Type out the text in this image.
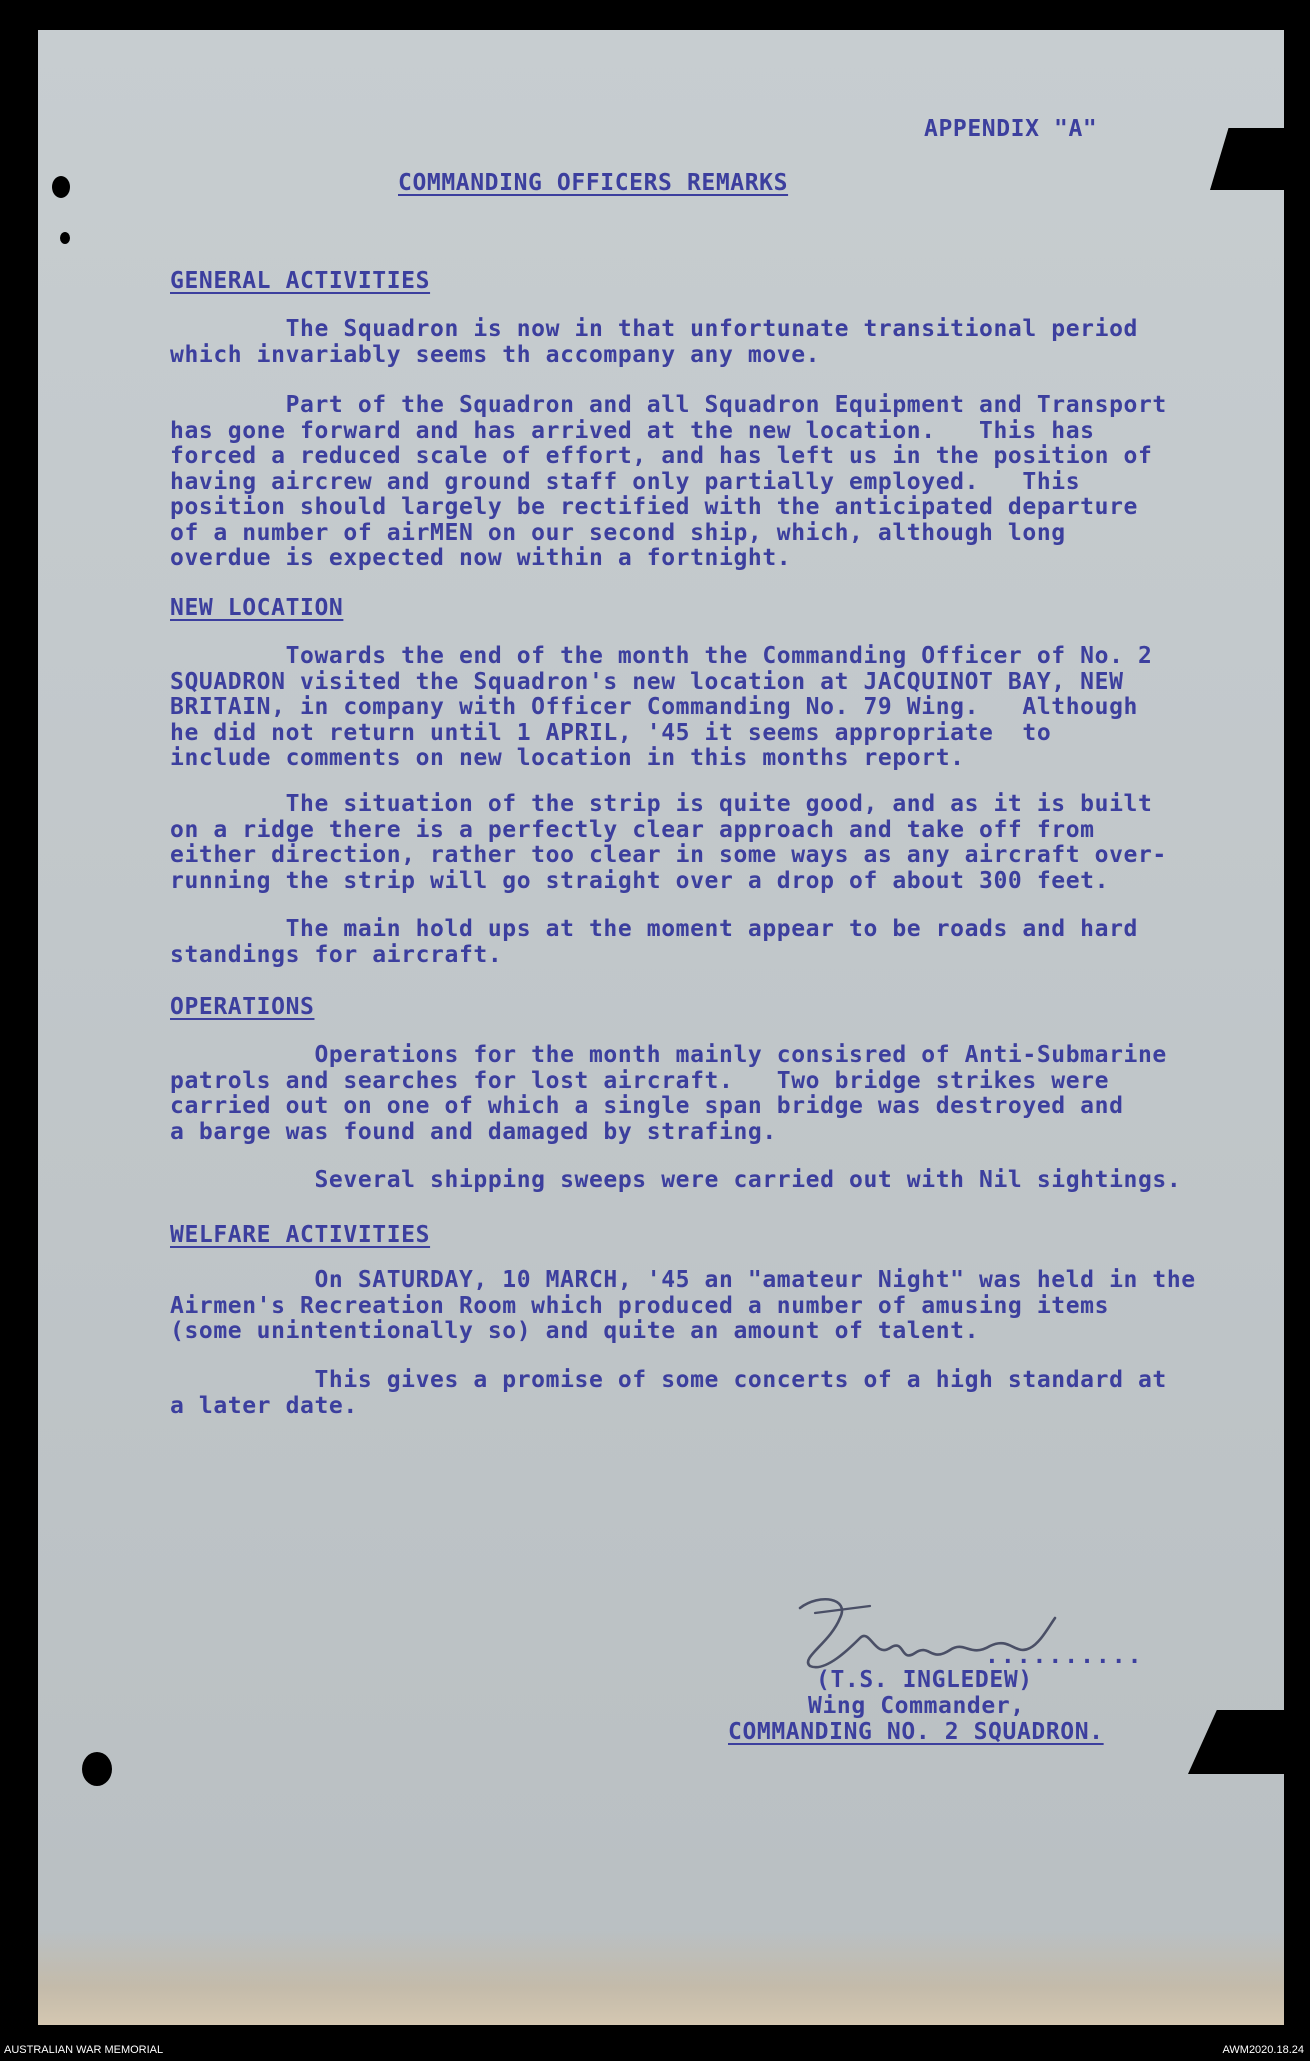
APPENDIX "A"
COMMANDING OFFICERS REMARKS
GENERAL ACTIVITIES
The Squadron is now in that unfortunate transitional period
which invariably seems th accompany any move.
Part of the Squadron and all Squadron Equipment and Transport
has gone forward and has arrived at the new location.   This has
forced a reduced scale of effort, and has left us in the position of
having aircrew and ground staff only partially employed.   This
position should largely be rectified with the anticipated departure
of a number of airMEN on our second ship, which, although long
overdue is expected now within a fortnight.
NEW LOCATION
Towards the end of the month the Commanding Officer of No. 2
SQUADRON visited the Squadron's new location at JACQUINOT BAY, NEW
BRITAIN, in company with Officer Commanding No. 79 Wing.   Although
he did not return until 1 APRIL, '45 it seems appropriate  to
include comments on new location in this months report.
The situation of the strip is quite good, and as it is built
on a ridge there is a perfectly clear approach and take off from
either direction, rather too clear in some ways as any aircraft over-
running the strip will go straight over a drop of about 300 feet.
The main hold ups at the moment appear to be roads and hard
standings for aircraft.
OPERATIONS
Operations for the month mainly consisred of Anti-Submarine
patrols and searches for lost aircraft.   Two bridge strikes were
carried out on one of which a single span bridge was destroyed and
a barge was found and damaged by strafing.
Several shipping sweeps were carried out with Nil sightings.
WELFARE ACTIVITIES
On SATURDAY, 10 MARCH, '45 an "amateur Night" was held in the
Airmen's Recreation Room which produced a number of amusing items
(some unintentionally so) and quite an amount of talent.
This gives a promise of some concerts of a high standard at
a later date.
..........
(T.S. INGLEDEW)
Wing Commander,
COMMANDING NO. 2 SQUADRON.
AUSTRALIAN WAR MEMORIAL	AWM2020.18.24
